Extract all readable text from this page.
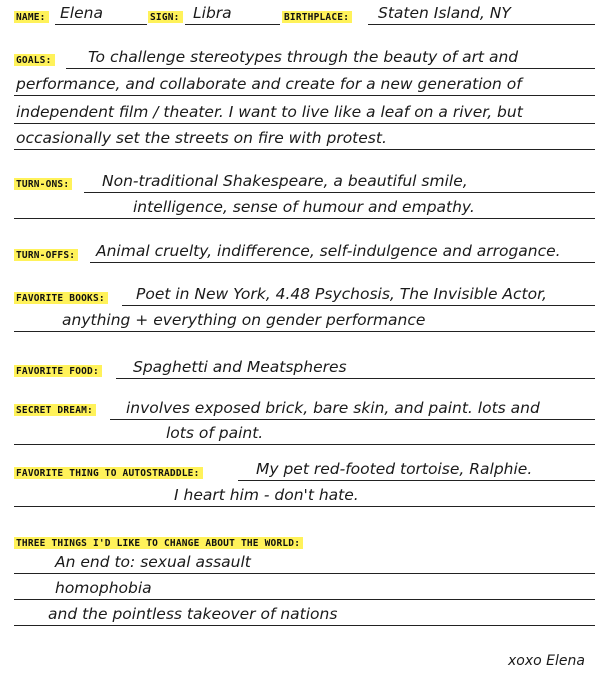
NAME: Elena	SIGN: Libra	BIRTHPLACE: Staten Island, NY
GOALS: To challenge stereotypes through the beauty of art and
performance, and collaborate and create for a new generation of
independent film / theater. I want to live like a leaf on a river, but
occasionally set the streets on fire with protest.
TURN-ONS: Non-traditional Shakespeare, a beautiful smile,
intelligence, sense of humour and empathy.
TURN-OFFS: Animal cruelty, indifference, self-indulgence and arrogance.
FAVORITE BOOKS: Poet in New York, 4.48 Psychosis, The Invisible Actor,
anything + everything on gender performance
FAVORITE FOOD: Spaghetti and Meatspheres
SECRET DREAM: involves exposed brick, bare skin, and paint. lots and
lots of paint.
FAVORITE THING TO AUTOSTRADDLE:	My pet red-footed tortoise, Ralphie.
I heart him - don't hate.
THREE THINGS I'D LIKE TO CHANGE ABOUT THE WORLD:
An end to: sexual assault
homophobia
and the pointless takeover of nations
xoxo Elena
